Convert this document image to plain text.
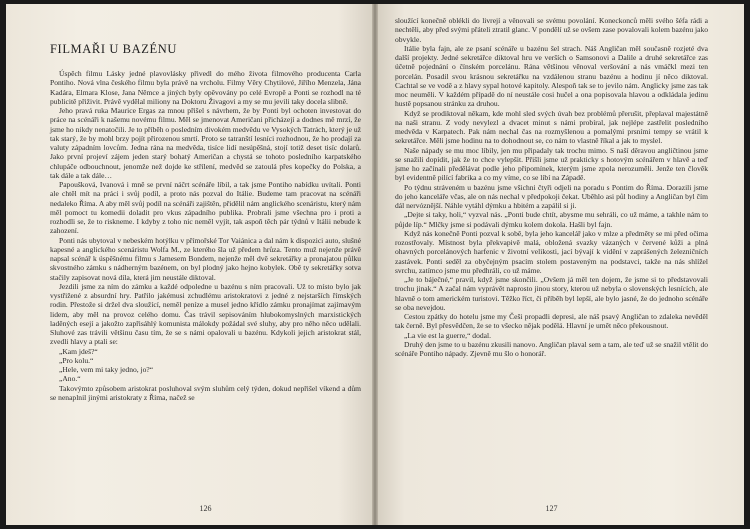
FILMAŘI U BAZÉNU

Úspěch filmu Lásky jedné plavovlásky přivedl do mého života filmového producenta Carla Pontiho. Nová vlna českého filmu byla právě na vrcholu. Filmy Věry Chytilové, Jiřího Menzela, Jána Kadára, Elmara Klose, Jana Němce a jiných byly opěvovány po celé Evropě a Ponti se rozhodl na té publicitě přiživit. Právě vydělal miliony na Doktoru Živagovi a my se mu jevili taky docela slibně.

Jeho pravá ruka Maurice Ergas za mnou přišel s návrhem, že by Ponti byl ochoten investovat do práce na scénáři k našemu novému filmu. Měl se jmenovat Američani přicházejí a dodnes mě mrzí, že jsme ho nikdy nenatočili. Je to příběh o posledním divokém medvědu ve Vysokých Tatrách, který je už tak starý, že by mohl brzy pojít přirozenou smrtí. Proto se tatranští lesníci rozhodnou, že ho prodají za valuty západním lovcům. Jedna rána na medvěda, tisíce lidí nesúpěšná, stojí totiž deset tisíc dolarů. Jako první projeví zájem jeden starý bohatý Američan a chystá se tohoto posledního karpatského chlupáče odbouchnout, jenomže než dojde ke střílení, medvěd se zatoulá přes kopečky do Polska, a tak dále a tak dále…

Papoušková, Ivanová i mně se první náčrt scénáře líbil, a tak jsme Pontiho nabídku uvítali. Ponti ale chtěl mít na práci i svůj podíl, a proto nás pozval do Itálie. Budeme tam pracovat na scénáři nedaleko Říma. A aby měl svůj podíl na scénáři zajištěn, přidělil nám anglického scenáristu, který nám měl pomoct tu komedii doladit pro vkus západního publika. Probrali jsme všechna pro i proti a rozhodli se, že to riskneme. I kdyby z toho nic neměl vyjít, tak aspoň těch pár týdnů v Itálii nebude k zahození.

Ponti nás ubytoval v nebeském hotýlku v přímořské Tor Vaiánica a dal nám k dispozici auto, slušné kapesné a anglického scenáristu Wolfa M., ze kterého šla už předem hrůza. Tento muž nejenže právě napsal scénář k úspěšnému filmu s Jamesem Bondem, nejenže měl dvě sekretářky a pronajatou půlku skvostného zámku s nádherným bazénem, on byl plodný jako hejno kobylek. Obě ty sekretářky sotva stačily zapisovat nová díla, která jim neustále diktoval.

Jezdili jsme za ním do zámku a každé odpoledne u bazénu s ním pracovali. Už to místo bylo jak vystřižené z absurdní hry. Patřilo jakémusi zchudlému aristokratovi z jedné z nejstarších římských rodin. Přestože si držel dva sloužící, neměl peníze a musel jedno křídlo zámku pronajímat zajímavým lidem, aby měl na provoz celého domu. Čas trávil sepisováním hlubokomyslných marxistických laděných esejí a jakožto zapřisáhlý komunista málokdy požádal své sluhy, aby pro něho něco udělali. Sluhové zas trávili většinu času tím, že se s námi opalovali u bazénu. Kdykoli jejich aristokrat stál, zvedli hlavy a ptali se:

„Kam jdeš?“

„Pro kolu.“

„Hele, vem mi taky jedno, jo?“

„Ano.“

Takovýmto způsobem aristokrat posluhoval svým sluhům celý týden, dokud nepřišel víkend a dům se nenaplnil jinými aristokraty z Říma, načež se

126

sloužící konečně oblékli do livrejí a věnovali se svému povolání. Koneckonců měli svého šéfa rádi a nechtěli, aby před svými přáteli ztratil glanc. V pondělí už se ovšem zase povalovali kolem bazénu jako obvykle.

Itálie byla fajn, ale ze psaní scénáře u bazénu šel strach. Náš Angličan měl současně rozjeté dva další projekty. Jedné sekretářce diktoval hru ve verších o Samsonovi a Dalile a druhé sekretářce zas účetně pojednání o čínském porcelánu. Rána většinou věnoval veršování a nás vmáčkl mezi ten porcelán. Posadil svou krásnou sekretářku na vzdálenou stranu bazénu a hodinu jí něco diktoval. Cachtal se ve vodě a z hlavy sypal hotové kapitoly. Alespoň tak se to jevilo nám. Anglicky jsme zas tak moc neuměli. V každém případě do ní neustále cosi hučel a ona popisovala hlavou a odkládala jedinu hustě popsanou stránku za druhou.

Když se prodiktoval někam, kde mohl sled svých úvah bez problémů přerušit, přeplaval majestátně na naši stranu. Z vody nevylezl a dvacet minut s námi probíral, jak nejlépe zastřelit posledního medvěda v Karpatech. Pak nám nechal čas na rozmyšlenou a pomalými prsními tempy se vrátil k sekretářce. Měli jsme hodinu na to dohodnout se, co nám to vlastně říkal a jak to myslel.

Naše nápady se mu moc líbily, jen mu připadaly tak trochu mimo. S naší děravou angličtinou jsme se snažili dopídit, jak že to chce vylepšit. Přišli jsme už prakticky s hotovým scénářem v hlavě a teď jsme ho začínali předělávat podle jeho připomínek, kterým jsme zpola nerozuměli. Jenže ten člověk byl evidentně pilící fabrika a co my víme, co se líbí na Západě.

Po týdnu stráveném u bazénu jsme všichni čtyři odjeli na poradu s Pontim do Říma. Dorazili jsme do jeho kanceláře včas, ale on nás nechal v předpokoji čekat. Uběhlo asi půl hodiny a Angličan byl čím dál nervóznější. Náhle vytáhl dýmku a hbitém a zapálil si ji.

„Dejte si taky, holi,“ vyzval nás. „Ponti bude chtít, abysme mu sehráli, co už máme, a takhle nám to půjde líp.“ Mlčky jsme si podávali dýmku kolem dokola. Hašli byl fajn.

Když nás konečně Ponti pozval k sobě, byla jeho kancelář jako v mlze a předměty se mi před očima rozostřovaly. Místnost byla překvapivě malá, obložená svazky vázaných v červené kůži a plná ohavných porcelánových harfenic v životní velikosti, jací bývají k vidění v zaprášených železničních zastávek. Ponti seděl za obyčejným psacím stolem postaveným na podstavci, takže na nás shlížel svrchu, zatímco jsme mu předhráli, co už máme.

„Je to báječné,“ pravil, když jsme skončili. „Ovšem já měl ten dojem, že jsme si to představovali trochu jinak.“ A začal nám vyprávět naprosto jinou story, kterou už nebyla o slovenských lesnících, ale hlavně o tom americkém turistovi. Těžko říct, či příběh byl lepší, ale bylo jasné, že do jednoho scénáře se oba nevejdou.

Cestou zpátky do hotelu jsme my Češi propadli depresi, ale náš psavý Angličan to zdaleka nevěděl tak černě. Byl přesvědčen, že se to všecko nějak podělá. Hlavní je umět něco překousnout.

„La vie est la guerre,“ dodal.

Druhý den jsme to u bazénu zkusili nanovo. Angličan plaval sem a tam, ale teď už se snažil vtělit do scénáře Pontiho nápady. Zjevně mu šlo o honorář.

127
